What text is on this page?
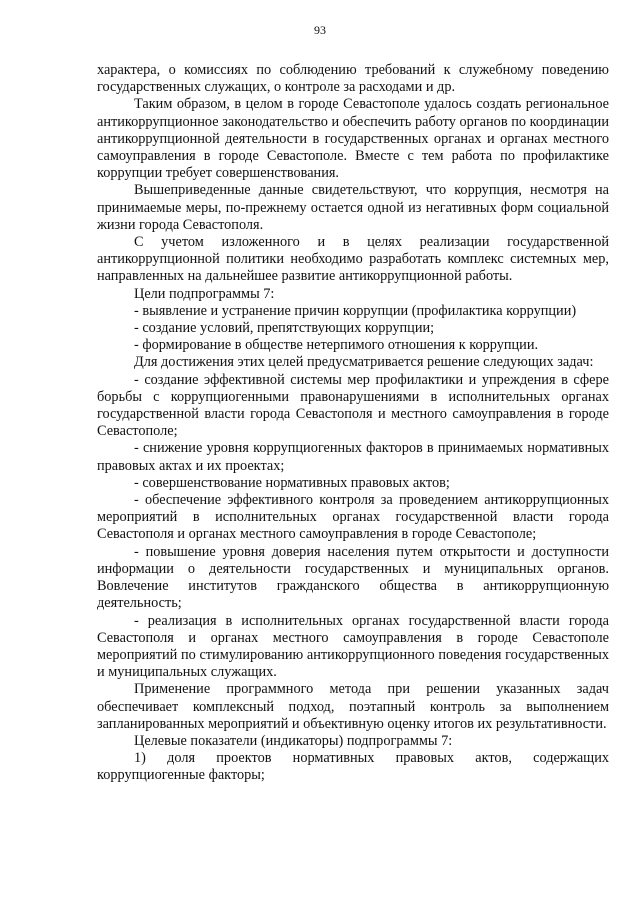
93

характера, о комиссиях по соблюдению требований к служебному поведению государственных служащих, о контроле за расходами и др.

Таким образом, в целом в городе Севастополе удалось создать региональное антикоррупционное законодательство и обеспечить работу органов по координации антикоррупционной деятельности в государственных органах и органах местного самоуправления в городе Севастополе. Вместе с тем работа по профилактике коррупции требует совершенствования.

Вышеприведенные данные свидетельствуют, что коррупция, несмотря на принимаемые меры, по-прежнему остается одной из негативных форм социальной жизни города Севастополя.

С учетом изложенного и в целях реализации государственной антикоррупционной политики необходимо разработать комплекс системных мер, направленных на дальнейшее развитие антикоррупционной работы.

Цели подпрограммы 7:

- выявление и устранение причин коррупции (профилактика коррупции)

- создание условий, препятствующих коррупции;

- формирование в обществе нетерпимого отношения к коррупции.

Для достижения этих целей предусматривается решение следующих задач:

- создание эффективной системы мер профилактики и упреждения в сфере борьбы с коррупциогенными правонарушениями в исполнительных органах государственной власти города Севастополя и местного самоуправления в городе Севастополе;

- снижение уровня коррупциогенных факторов в принимаемых нормативных правовых актах и их проектах;

- совершенствование нормативных правовых актов;

- обеспечение эффективного контроля за проведением антикоррупционных мероприятий в исполнительных органах государственной власти города Севастополя и органах местного самоуправления в городе Севастополе;

- повышение уровня доверия населения путем открытости и доступности информации о деятельности государственных и муниципальных органов. Вовлечение институтов гражданского общества в антикоррупционную деятельность;

- реализация в исполнительных органах государственной власти города Севастополя и органах местного самоуправления в городе Севастополе мероприятий по стимулированию антикоррупционного поведения государственных и муниципальных служащих.

Применение программного метода при решении указанных задач обеспечивает комплексный подход, поэтапный контроль за выполнением запланированных мероприятий и объективную оценку итогов их результативности.

Целевые показатели (индикаторы) подпрограммы 7:

1) доля проектов нормативных правовых актов, содержащих коррупциогенные факторы;
